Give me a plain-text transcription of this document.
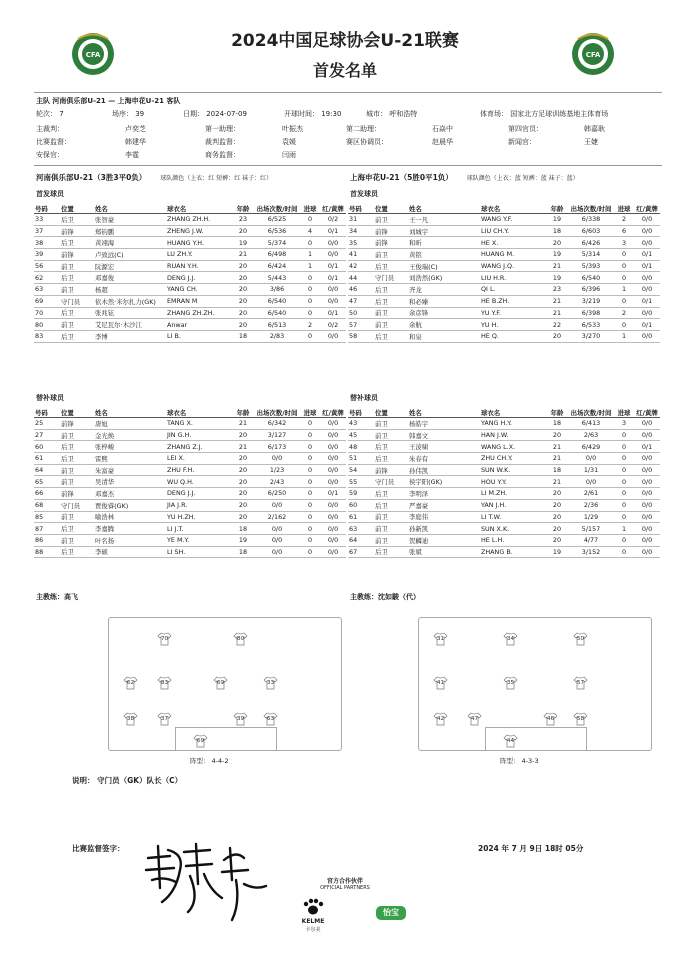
2024中国足球协会U-21联赛
首发名单
CFA	CFA
主队 河南俱乐部U-21 — 上海申花U-21 客队
轮次： 7	场序： 39	日期： 2024-07-09	开球时间： 19:30	城市： 呼和浩特	体育场： 国家北方足球训练基地主体育场
主裁判：	卢奕芝	第一助理：	叶振杰	第二助理：	石焱中	第四官员：	韩嘉耿
比赛监督：	韩建华	裁判监督：	袁媛	赛区协调员：	赵晨华	新闻官：	王婕
安保官：	李霆	商务监督：	闫雨
河南俱乐部U-21（3胜3平0负） 球队颜色（上衣：红 短裤：红 袜子：红）	上海申花U-21（5胜0平1负） 球队颜色（上衣：蓝 短裤：蓝 袜子：蓝）
首发球员	首发球员
号码	位置	姓名	球衣名	年龄	出场次数/时间	进球	红/黄牌
33	后卫	张智豪	ZHANG ZH.H.	23	6/525	0	0/2
37	前锋	郑钧鹏	ZHENG J.W.	20	6/536	4	0/1
38	后卫	黄翊海	HUANG Y.H.	19	5/374	0	0/0
39	前锋	卢致远(C)	LU ZH.Y.	21	6/498	1	0/0
56	前卫	阮源宏	RUAN Y.H.	20	6/424	1	0/1
62	后卫	邓嘉俊	DENG J.J.	20	5/443	0	0/1
63	前卫	杨超	YANG CH.	20	3/86	0	0/0
69	守门员	依木然·米尔扎力(GK)	EMRAN M	20	6/540	0	0/0
70	后卫	张兆铉	ZHANG ZH.ZH.	20	6/540	0	0/1
80	前卫	艾尼瓦尔·木沙江	Anwar	20	6/513	2	0/2
83	后卫	李博	LI B.	18	2/83	0	0/0
号码	位置	姓名	球衣名	年龄	出场次数/时间	进球	红/黄牌
31	前卫	王一凡	WANG Y.F.	19	6/338	2	0/0
34	前锋	刘城宇	LIU CH.Y.	18	6/603	6	0/0
35	前锋	和昕	HE X.	20	6/426	3	0/0
41	前卫	黄铭	HUANG M.	19	5/314	0	0/1
42	后卫	王俊瑞(C)	WANG J.Q.	21	5/393	0	0/1
44	守门员	刘浩然(GK)	LIU H.R.	19	6/540	0	0/0
46	后卫	齐龙	QI L.	23	6/396	1	0/0
47	后卫	和必臻	HE B.ZH.	21	3/219	0	0/1
50	前卫	余彦锋	YU Y.F.	21	6/398	2	0/0
57	前卫	余航	YU H.	22	6/533	0	0/1
58	后卫	和泉	HE Q.	20	3/270	1	0/0
替补球员	替补球员
号码	位置	姓名	球衣名	年龄	出场次数/时间	进球	红/黄牌
25	前锋	唐旭	TANG X.	21	6/342	0	0/0
27	前卫	金光焕	JIN G.H.	20	3/127	0	0/0
60	后卫	张梓峻	ZHANG Z.J.	21	6/173	0	0/0
61	后卫	雷熙	LEI X.	20	0/0	0	0/0
64	前卫	朱富豪	ZHU F.H.	20	1/23	0	0/0
65	前卫	吴清华	WU Q.H.	20	2/43	0	0/0
66	前锋	邓嘉杰	DENG J.J.	20	6/250	0	0/1
68	守门员	贾俊睿(GK)	JIA J.R.	20	0/0	0	0/0
85	前卫	喻浩林	YU H.ZH.	20	2/162	0	0/0
87	后卫	李嘉腾	LI J.T.	18	0/0	0	0/0
86	前卫	叶名扬	YE M.Y.	19	0/0	0	0/0
88	后卫	李硕	LI SH.	18	0/0	0	0/0
号码	位置	姓名	球衣名	年龄	出场次数/时间	进球	红/黄牌
43	前卫	杨皓宇	YANG H.Y.	18	6/413	3	0/0
45	前卫	韩嘉文	HAN J.W.	20	2/63	0	0/0
48	后卫	王淩啸	WANG L.X.	21	6/429	0	0/1
51	后卫	朱春有	ZHU CH.Y.	21	0/0	0	0/0
54	前锋	孙伟凯	SUN W.K.	18	1/31	0	0/0
55	守门员	侯宇阳(GK)	HOU Y.Y.	21	0/0	0	0/0
59	后卫	李明泽	LI M.ZH.	20	2/61	0	0/0
60	后卫	严嘉豪	YAN J.H.	20	2/36	0	0/0
61	前卫	李庭伟	LI T.W.	20	1/29	0	0/0
63	前卫	孙新凯	SUN X.K.	20	5/157	1	0/0
64	前卫	贺麟迪	HE L.H.	20	4/77	0	0/0
67	后卫	张斌	ZHANG B.	19	3/152	0	0/0
主教练：高飞	主教练：沈如駿（代）
70	80
62	83	69	33
38	37	39	63
69
31	34	50
41	35	57
42	47	46	58
44
阵型： 4-4-2	阵型： 4-3-3
说明： 守门员（GK）队长（C）
比赛监督签字：	2024 年 7 月 9日 18时 05分
官方合作伙伴
OFFICIAL PARTNERS
KELME
卡尔美
怡宝
